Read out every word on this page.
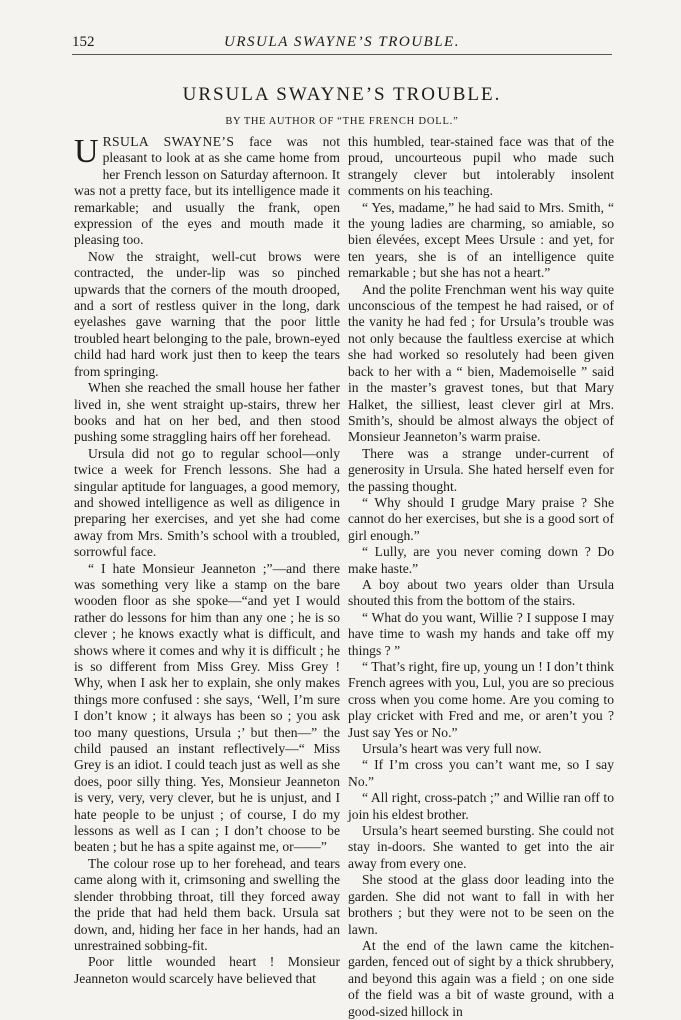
152	URSULA SWAYNE’S TROUBLE.
URSULA SWAYNE’S TROUBLE.
BY THE AUTHOR OF “THE FRENCH DOLL.”

URSULA SWAYNE’S face was not pleasant to look at as she came home from her French lesson on Saturday afternoon. It was not a pretty face, but its intelligence made it remarkable; and usually the frank, open expression of the eyes and mouth made it pleasing too.

Now the straight, well-cut brows were contracted, the under-lip was so pinched upwards that the corners of the mouth drooped, and a sort of restless quiver in the long, dark eyelashes gave warning that the poor little troubled heart belonging to the pale, brown-eyed child had hard work just then to keep the tears from springing.

When she reached the small house her father lived in, she went straight up-stairs, threw her books and hat on her bed, and then stood pushing some straggling hairs off her forehead.

Ursula did not go to regular school—only twice a week for French lessons. She had a singular aptitude for languages, a good memory, and showed intelligence as well as diligence in preparing her exercises, and yet she had come away from Mrs. Smith’s school with a troubled, sorrowful face.

“ I hate Monsieur Jeanneton ;”—and there was something very like a stamp on the bare wooden floor as she spoke—“and yet I would rather do lessons for him than any one ; he is so clever ; he knows exactly what is difficult, and shows where it comes and why it is difficult ; he is so different from Miss Grey. Miss Grey ! Why, when I ask her to explain, she only makes things more confused : she says, ‘Well, I’m sure I don’t know ; it always has been so ; you ask too many questions, Ursula ;’ but then—” the child paused an instant reflectively—“ Miss Grey is an idiot. I could teach just as well as she does, poor silly thing. Yes, Monsieur Jeanneton is very, very, very clever, but he is unjust, and I hate people to be unjust ; of course, I do my lessons as well as I can ; I don’t choose to be beaten ; but he has a spite against me, or——”

The colour rose up to her forehead, and tears came along with it, crimsoning and swelling the slender throbbing throat, till they forced away the pride that had held them back. Ursula sat down, and, hiding her face in her hands, had an unrestrained sobbing-fit.

Poor little wounded heart ! Monsieur Jeanneton would scarcely have believed that

this humbled, tear-stained face was that of the proud, uncourteous pupil who made such strangely clever but intolerably insolent comments on his teaching.

“ Yes, madame,” he had said to Mrs. Smith, “ the young ladies are charming, so amiable, so bien élevées, except Mees Ursule : and yet, for ten years, she is of an intelligence quite remarkable ; but she has not a heart.”

And the polite Frenchman went his way quite unconscious of the tempest he had raised, or of the vanity he had fed ; for Ursula’s trouble was not only because the faultless exercise at which she had worked so resolutely had been given back to her with a “ bien, Mademoiselle ” said in the master’s gravest tones, but that Mary Halket, the silliest, least clever girl at Mrs. Smith’s, should be almost always the object of Monsieur Jeanneton’s warm praise.

There was a strange under-current of generosity in Ursula. She hated herself even for the passing thought.

“ Why should I grudge Mary praise ? She cannot do her exercises, but she is a good sort of girl enough.”

“ Lully, are you never coming down ? Do make haste.”

A boy about two years older than Ursula shouted this from the bottom of the stairs.

“ What do you want, Willie ? I suppose I may have time to wash my hands and take off my things ? ”

“ That’s right, fire up, young un ! I don’t think French agrees with you, Lul, you are so precious cross when you come home. Are you coming to play cricket with Fred and me, or aren’t you ? Just say Yes or No.”

Ursula’s heart was very full now.

“ If I’m cross you can’t want me, so I say No.”

“ All right, cross-patch ;” and Willie ran off to join his eldest brother.

Ursula’s heart seemed bursting. She could not stay in-doors. She wanted to get into the air away from every one.

She stood at the glass door leading into the garden. She did not want to fall in with her brothers ; but they were not to be seen on the lawn.

At the end of the lawn came the kitchen-garden, fenced out of sight by a thick shrubbery, and beyond this again was a field ; on one side of the field was a bit of waste ground, with a good-sized hillock in
